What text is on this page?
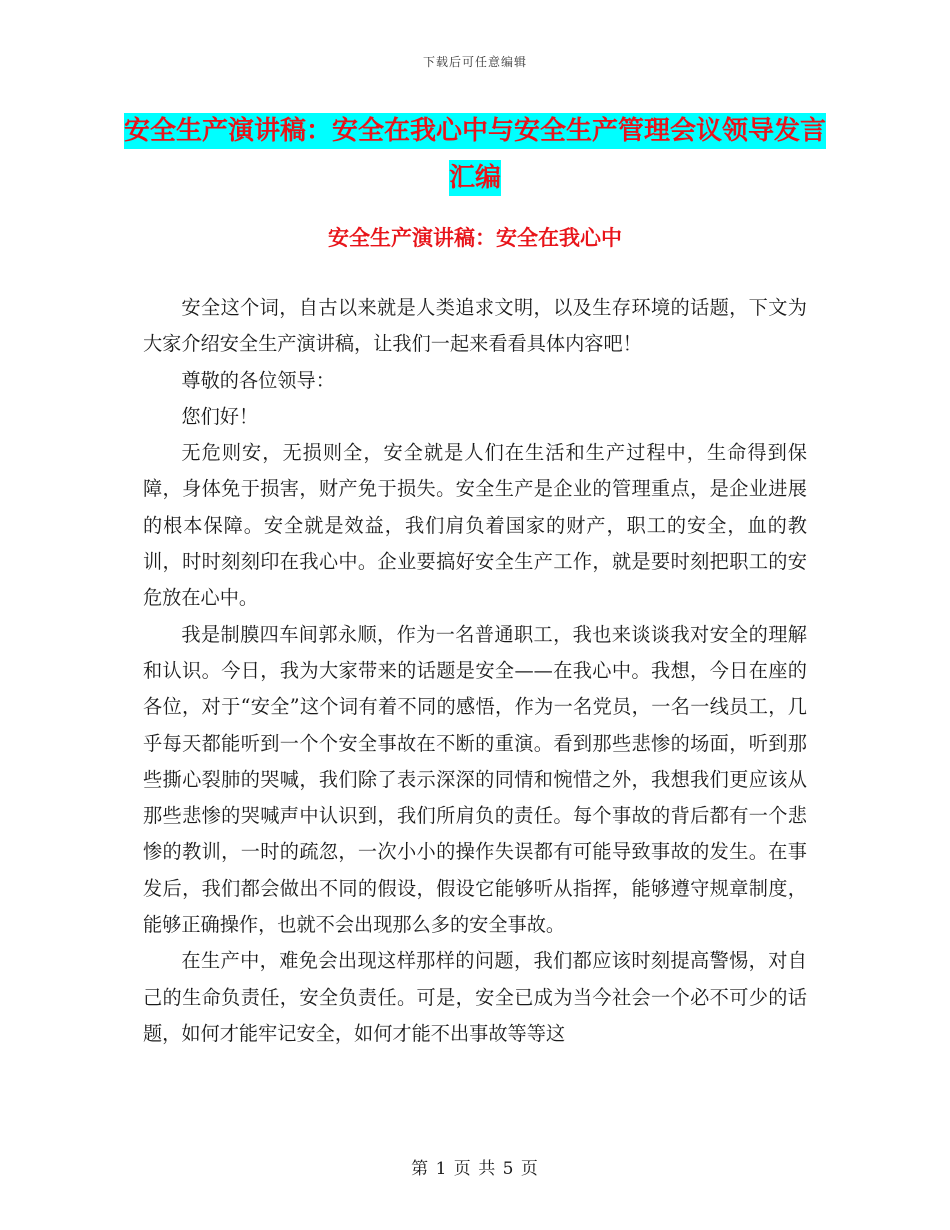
下载后可任意编辑
安全生产演讲稿：安全在我心中与安全生产管理会议领导发言汇编
安全生产演讲稿：安全在我心中

安全这个词，自古以来就是人类追求文明，以及生存环境的话题，下文为大家介绍安全生产演讲稿，让我们一起来看看具体内容吧！

尊敬的各位领导：

您们好！

无危则安，无损则全，安全就是人们在生活和生产过程中，生命得到保障，身体免于损害，财产免于损失。安全生产是企业的管理重点，是企业进展的根本保障。安全就是效益，我们肩负着国家的财产，职工的安全，血的教训，时时刻刻印在我心中。企业要搞好安全生产工作，就是要时刻把职工的安危放在心中。

我是制膜四车间郭永顺，作为一名普通职工，我也来谈谈我对安全的理解和认识。今日，我为大家带来的话题是安全——在我心中。我想，今日在座的各位，对于“安全”这个词有着不同的感悟，作为一名党员，一名一线员工，几乎每天都能听到一个个安全事故在不断的重演。看到那些悲惨的场面，听到那些撕心裂肺的哭喊，我们除了表示深深的同情和惋惜之外，我想我们更应该从那些悲惨的哭喊声中认识到，我们所肩负的责任。每个事故的背后都有一个悲惨的教训，一时的疏忽，一次小小的操作失误都有可能导致事故的发生。在事发后，我们都会做出不同的假设，假设它能够听从指挥，能够遵守规章制度，能够正确操作，也就不会出现那么多的安全事故。

在生产中，难免会出现这样那样的问题，我们都应该时刻提高警惕，对自己的生命负责任，安全负责任。可是，安全已成为当今社会一个必不可少的话题，如何才能牢记安全，如何才能不出事故等等这

第 1 页 共 5 页
